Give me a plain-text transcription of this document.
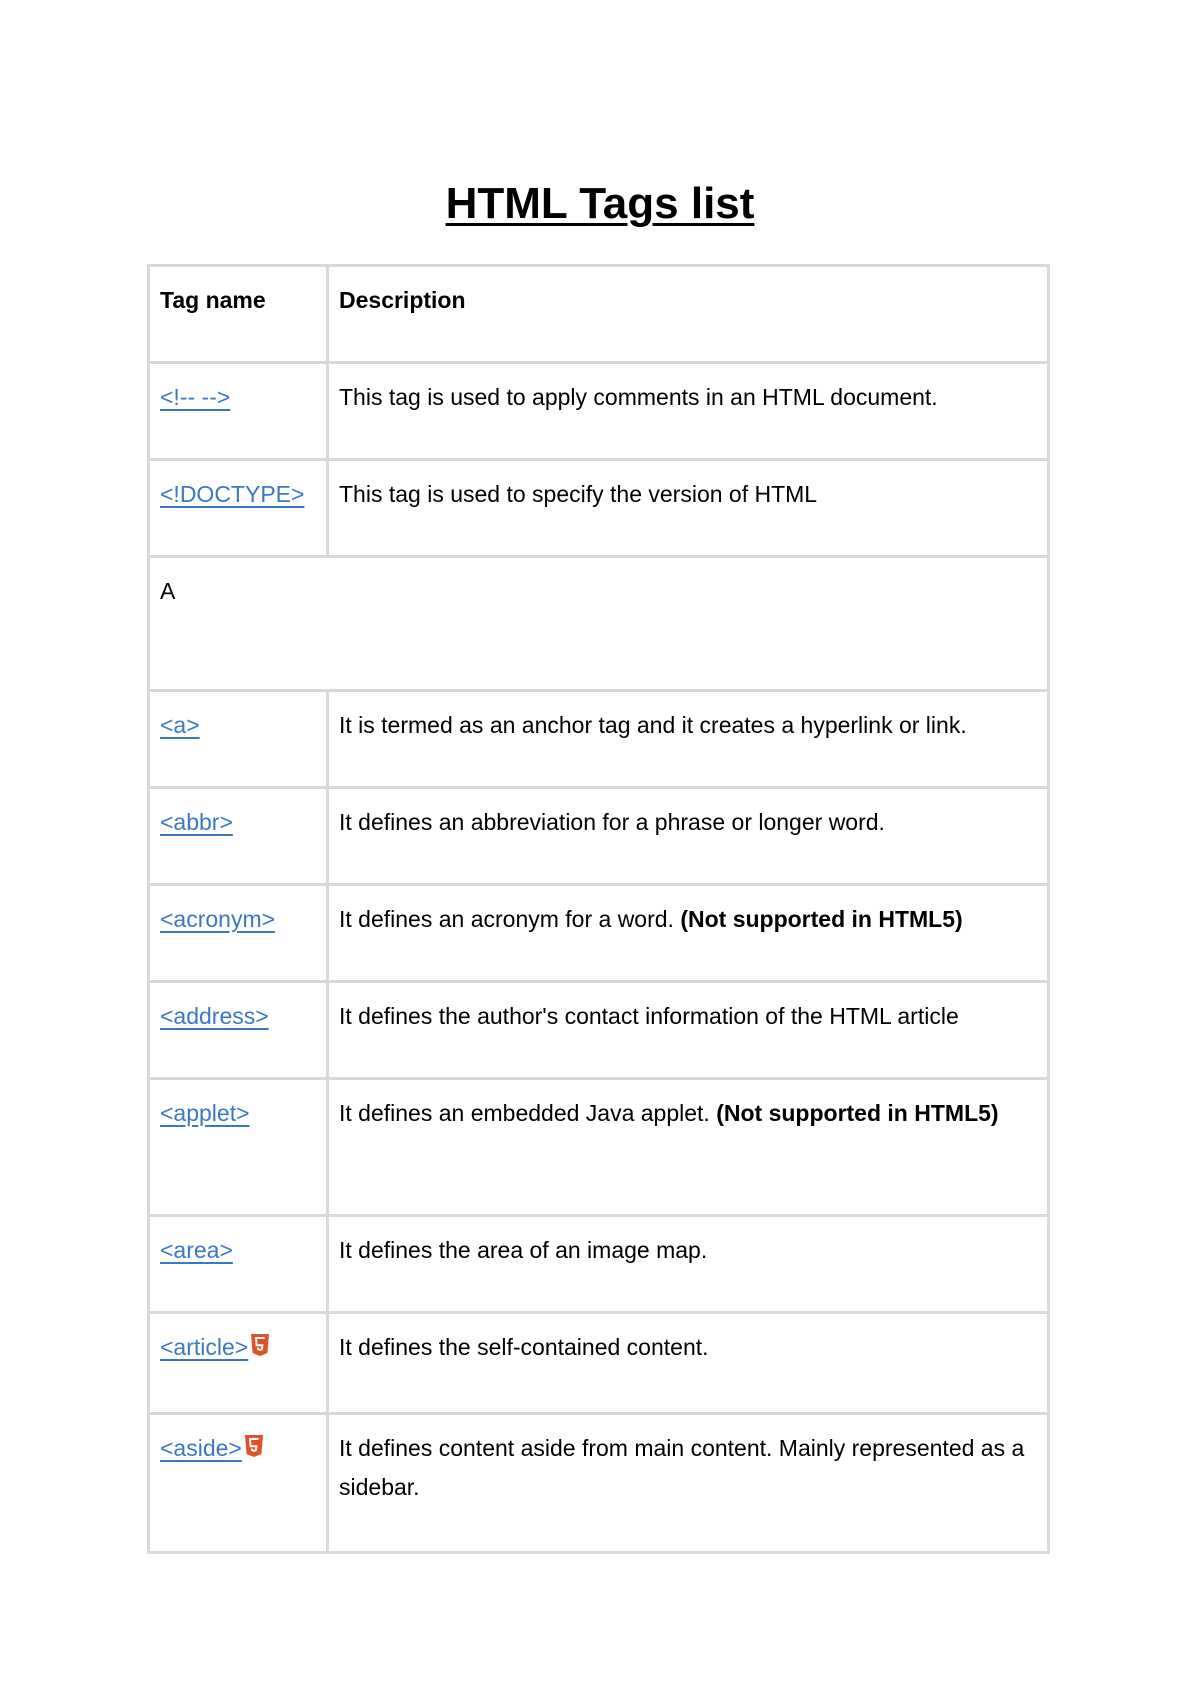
HTML Tags list
Tag name	Description
<!-- -->	This tag is used to apply comments in an HTML document.
<!DOCTYPE>	This tag is used to specify the version of HTML
A	
<a>	It is termed as an anchor tag and it creates a hyperlink or link.
<abbr>	It defines an abbreviation for a phrase or longer word.
<acronym>	It defines an acronym for a word. (Not supported in HTML5)
<address>	It defines the author's contact information of the HTML article
<applet>	It defines an embedded Java applet. (Not supported in HTML5)
<area>	It defines the area of an image map.
<article>	It defines the self-contained content.
<aside>	It defines content aside from main content. Mainly represented as a sidebar.
